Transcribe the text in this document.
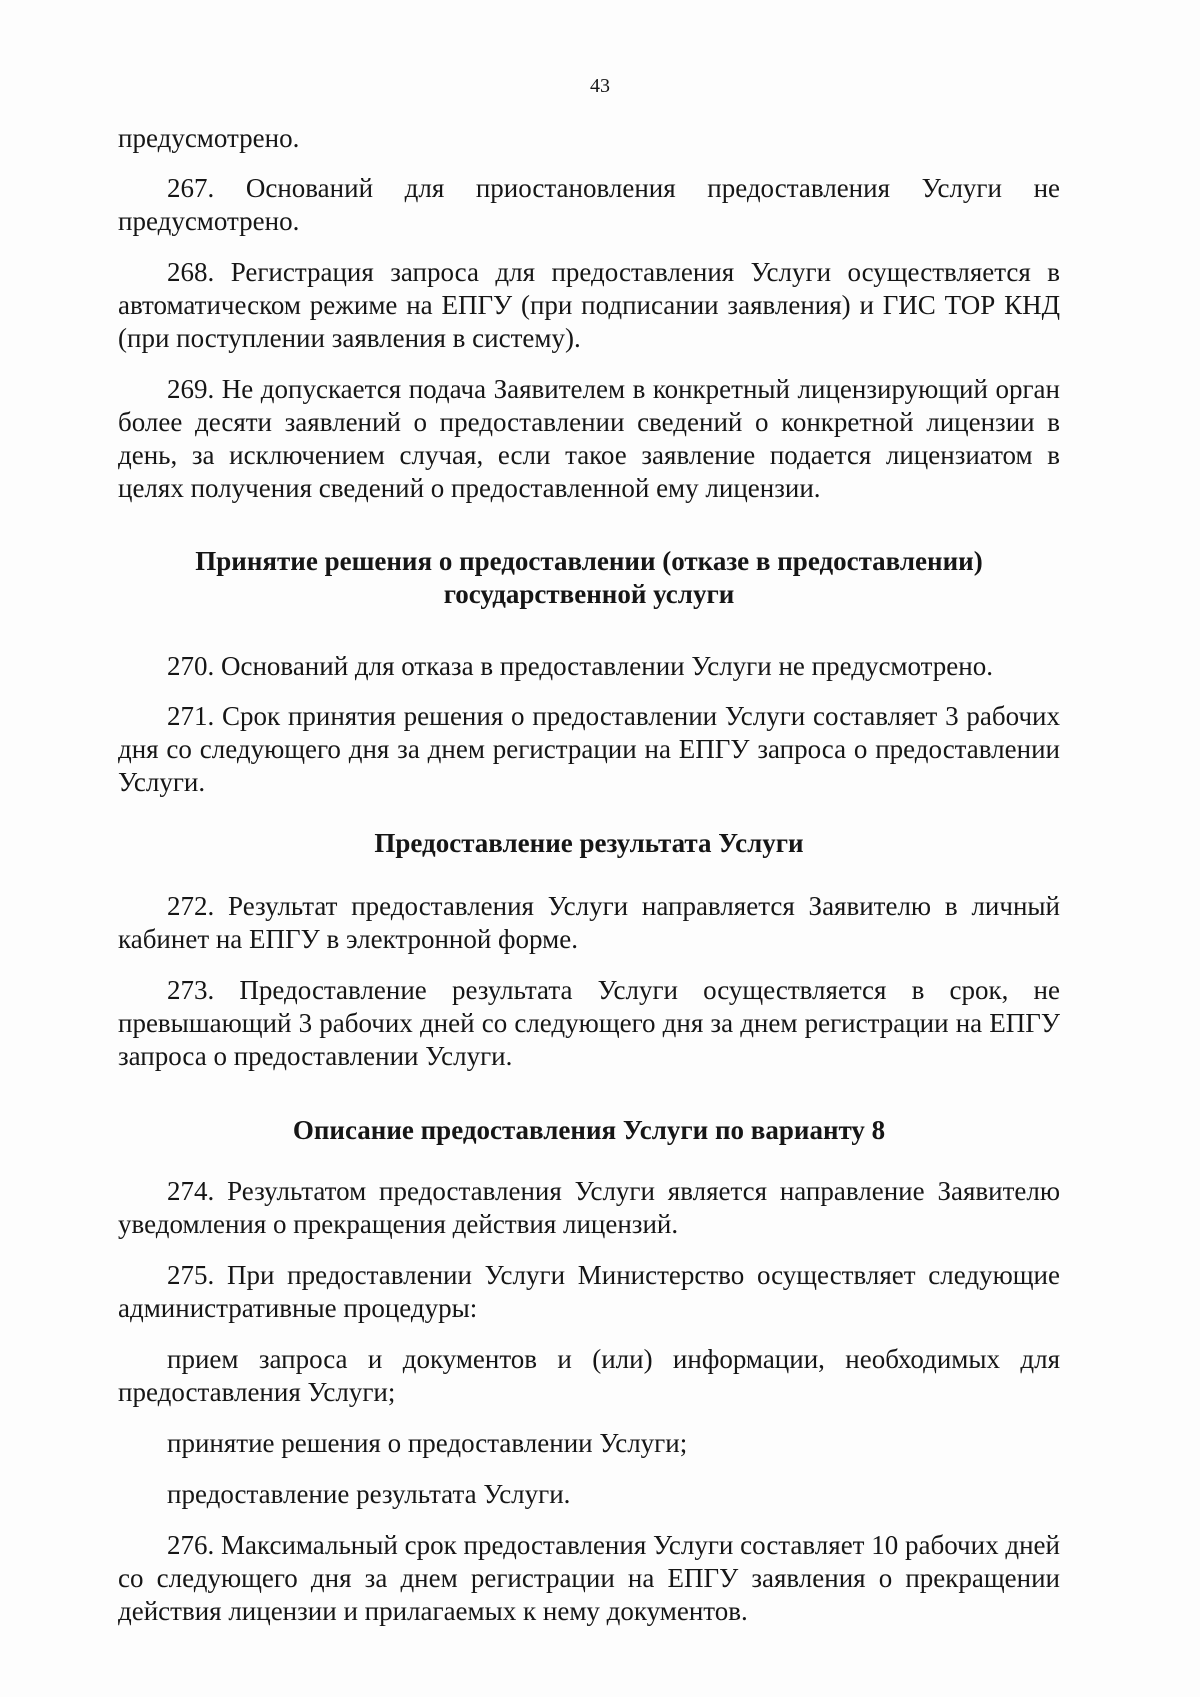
43

предусмотрено.

267. Оснований для приостановления предоставления Услуги не предусмотрено.

268. Регистрация запроса для предоставления Услуги осуществляется в автоматическом режиме на ЕПГУ (при подписании заявления) и ГИС ТОР КНД (при поступлении заявления в систему).

269. Не допускается подача Заявителем в конкретный лицензирующий орган более десяти заявлений о предоставлении сведений о конкретной лицензии в день, за исключением случая, если такое заявление подается лицензиатом в целях получения сведений о предоставленной ему лицензии.

Принятие решения о предоставлении (отказе в предоставлении)
государственной услуги

270. Оснований для отказа в предоставлении Услуги не предусмотрено.

271. Срок принятия решения о предоставлении Услуги составляет 3 рабочих дня со следующего дня за днем регистрации на ЕПГУ запроса о предоставлении Услуги.

Предоставление результата Услуги

272. Результат предоставления Услуги направляется Заявителю в личный кабинет на ЕПГУ в электронной форме.

273. Предоставление результата Услуги осуществляется в срок, не превышающий 3 рабочих дней со следующего дня за днем регистрации на ЕПГУ запроса о предоставлении Услуги.

Описание предоставления Услуги по варианту 8

274. Результатом предоставления Услуги является направление Заявителю уведомления о прекращения действия лицензий.

275. При предоставлении Услуги Министерство осуществляет следующие административные процедуры:

прием запроса и документов и (или) информации, необходимых для предоставления Услуги;

принятие решения о предоставлении Услуги;

предоставление результата Услуги.

276. Максимальный срок предоставления Услуги составляет 10 рабочих дней со следующего дня за днем регистрации на ЕПГУ заявления о прекращении действия лицензии и прилагаемых к нему документов.
